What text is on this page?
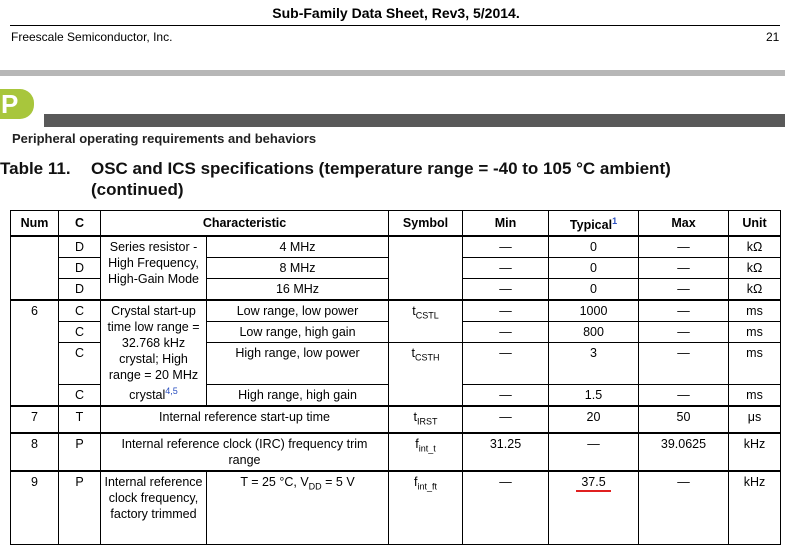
Sub-Family Data Sheet, Rev3, 5/2014.
Freescale Semiconductor, Inc.	21
P
Peripheral operating requirements and behaviors
Table 11. OSC and ICS specifications (temperature range = -40 to 105 °C ambient)
(continued)
Num	C	Characteristic		Symbol	Min	Typical$^1$	Max	Unit
	D	Series resistor - High Frequency, High-Gain Mode	4 MHz		—	0	—	kΩ
	D		8 MHz		—	0	—	kΩ
	D		16 MHz		—	0	—	kΩ
6	C	Crystal start-up time low range = 32.768 kHz crystal; High range = 20 MHz crystal$^{4,5}$	Low range, low power	$t_{CSTL}$	—	1000	—	ms
	C		Low range, high gain		—	800	—	ms
	C		High range, low power	$t_{CSTH}$	—	3	—	ms
	C		High range, high gain		—	1.5	—	ms
7	T	Internal reference start-up time		$t_{IRST}$	—	20	50	μs
8	P	Internal reference clock (IRC) frequency trim range		$f_{int\_t}$	31.25	—	39.0625	kHz
9	P	Internal reference clock frequency, factory trimmed	T = 25 °C, $V_{DD} = 5$ V	$f_{int\_ft}$	—	37.5	—	kHz
